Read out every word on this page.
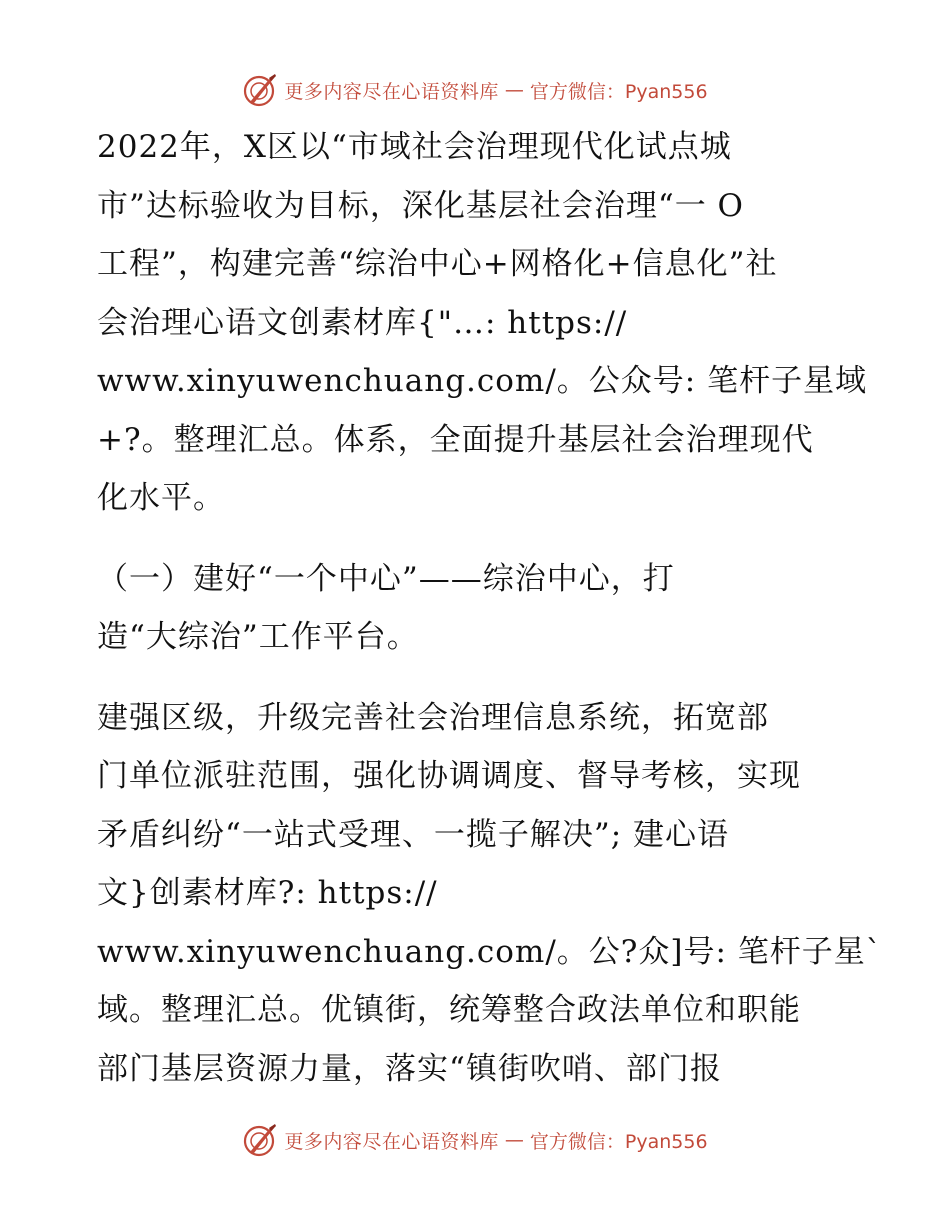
更多内容尽在心语资料库 — 官方微信：Pyan556

2022年，X区以“市域社会治理现代化试点城
市”达标验收为目标，深化基层社会治理“一 O
工程”，构建完善“综治中心+网格化+信息化”社
会治理心语文创素材库{"…: https://
www.xinyuwenchuang.com/。公众号: 笔杆子星域
+?。整理汇总。体系，全面提升基层社会治理现代
化水平。

（一）建好“一个中心”——综治中心，打
造“大综治”工作平台。

建强区级，升级完善社会治理信息系统，拓宽部
门单位派驻范围，强化协调调度、督导考核，实现
矛盾纠纷“一站式受理、一揽子解决”; 建心语
文}创素材库?: https://
www.xinyuwenchuang.com/。公?众]号: 笔杆子星`
域。整理汇总。优镇街，统筹整合政法单位和职能
部门基层资源力量，落实“镇街吹哨、部门报

更多内容尽在心语资料库 — 官方微信：Pyan556
